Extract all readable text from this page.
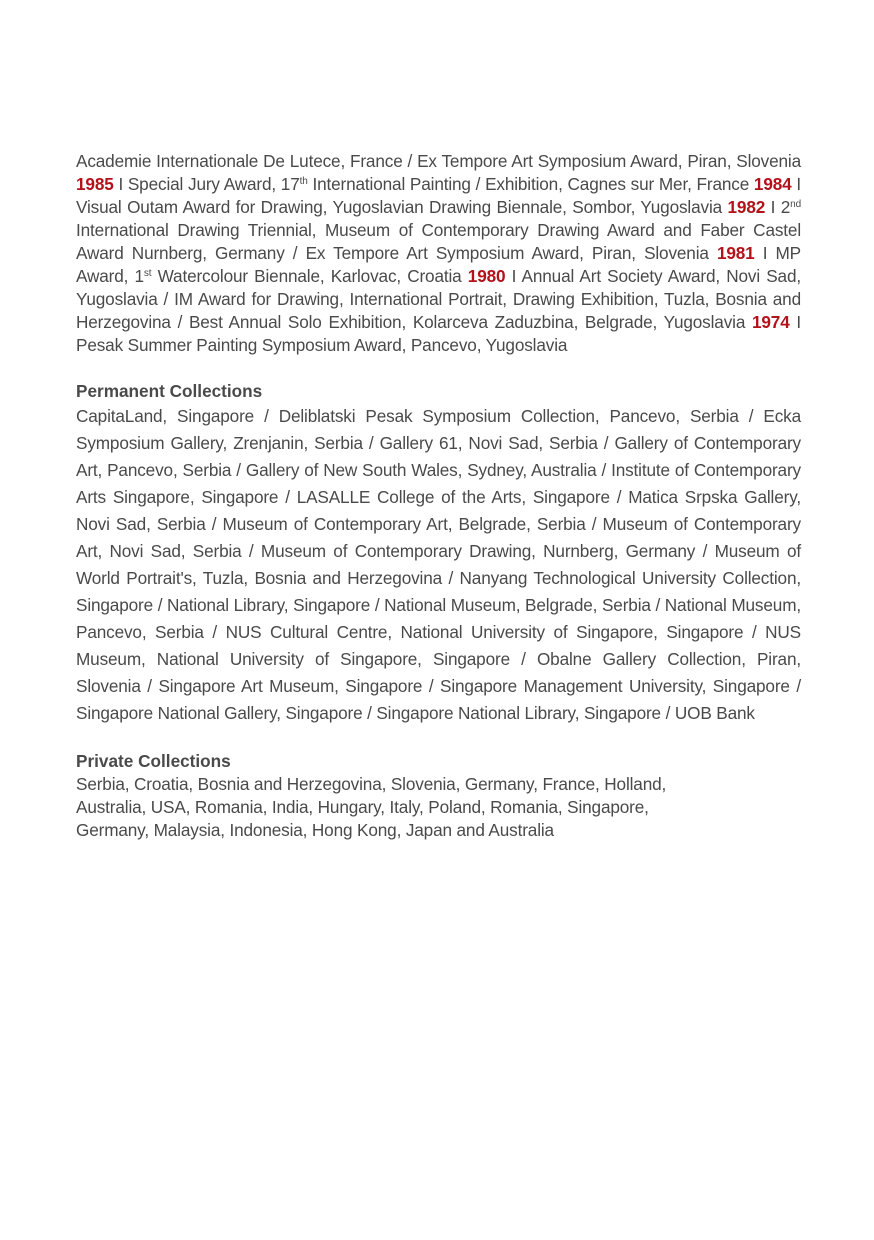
Academie Internationale De Lutece, France / Ex Tempore Art Symposium Award, Piran, Slovenia 1985 I Special Jury Award, 17th International Painting / Exhibition, Cagnes sur Mer, France 1984 I Visual Outam Award for Drawing, Yugoslavian Drawing Biennale, Sombor, Yugoslavia 1982 I 2nd International Drawing Triennial, Museum of Contemporary Drawing Award and Faber Castel Award Nurnberg, Germany / Ex Tempore Art Symposium Award, Piran, Slovenia 1981 I MP Award, 1st Watercolour Biennale, Karlovac, Croatia 1980 I Annual Art Society Award, Novi Sad, Yugoslavia / IM Award for Drawing, International Portrait, Drawing Exhibition, Tuzla, Bosnia and Herzegovina / Best Annual Solo Exhibition, Kolarceva Zaduzbina, Belgrade, Yugoslavia 1974 I Pesak Summer Painting Symposium Award, Pancevo, Yugoslavia

Permanent Collections

CapitaLand, Singapore / Deliblatski Pesak Symposium Collection, Pancevo, Serbia / Ecka Symposium Gallery, Zrenjanin, Serbia / Gallery 61, Novi Sad, Serbia / Gallery of Contemporary Art, Pancevo, Serbia / Gallery of New South Wales, Sydney, Australia / Institute of Contemporary Arts Singapore, Singapore / LASALLE College of the Arts, Singapore / Matica Srpska Gallery, Novi Sad, Serbia / Museum of Contemporary Art, Belgrade, Serbia / Museum of Contemporary Art, Novi Sad, Serbia / Museum of Contemporary Drawing, Nurnberg, Germany / Museum of World Portrait's, Tuzla, Bosnia and Herzegovina / Nanyang Technological University Collection, Singapore / National Library, Singapore / National Museum, Belgrade, Serbia / National Museum, Pancevo, Serbia / NUS Cultural Centre, National University of Singapore, Singapore / NUS Museum, National University of Singapore, Singapore / Obalne Gallery Collection, Piran, Slovenia / Singapore Art Museum, Singapore / Singapore Management University, Singapore / Singapore National Gallery, Singapore / Singapore National Library, Singapore / UOB Bank

Private Collections

Serbia, Croatia, Bosnia and Herzegovina, Slovenia, Germany, France, Holland,
Australia, USA, Romania, India, Hungary, Italy, Poland, Romania, Singapore,
Germany, Malaysia, Indonesia, Hong Kong, Japan and Australia
